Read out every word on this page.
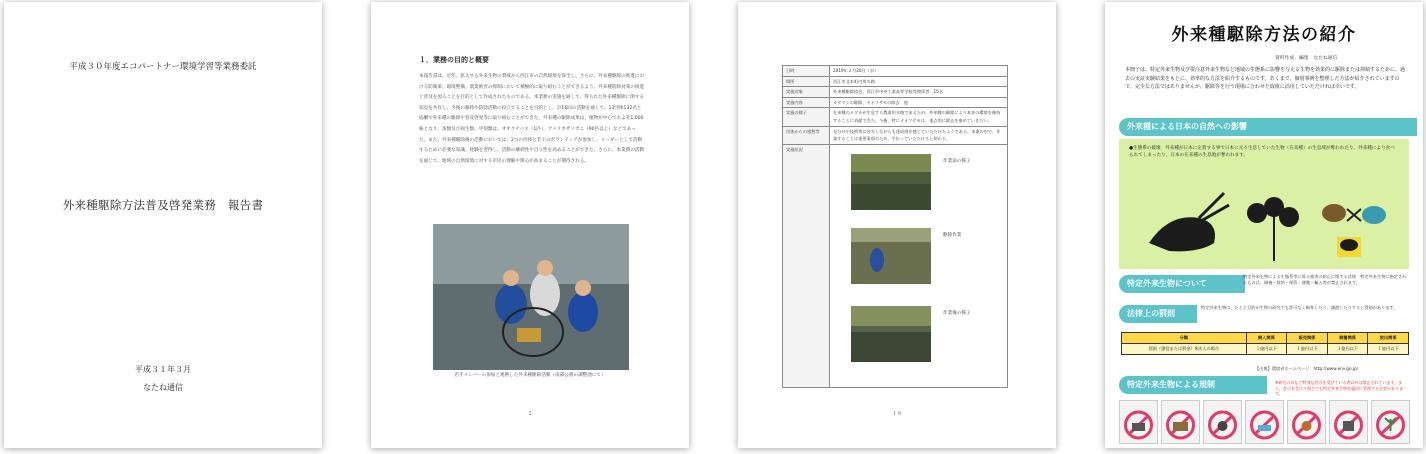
平成３０年度エコパートナー環境学習等業務委託
外来種駆除方法普及啓発業務　報告書
平成３１年３月
なたね通信
１．業務の目的と概要
本報告書は、近年、拡大する外来生物の脅威から西江市の自然環境を保全し、さらに、外来種駆除の推進における防衛策、環境整備、農業被害の抑制において積極的に取り組むことができるよう、外来種防除対策の推進と普及を図ることを目的として作成されたものである。本業務の実施を通して、得られた外来種駆除に関する知見を共有し、今後の駆除や防除活動に役立てることを目的とし、計16回の活動を通して、13団体132名と協働で外来種の駆除や普及啓発等に取り組むことができた。外来種の駆除成果は、植物が中心でおよそ1,600株となり、魚類及び両生類、甲殻類は、オオクチバス（1匹）、アメリカザリガニ（90匹以上）などであった。また、外来種駆除後の活動においては、2つの団体と若干のボランティアが参加し、リーダーとして活動するために必要な知識、経験を習得し、活動の継続性や自立性を高めることができた。さらに、本業務の活動を通じて、地域の自然環境に対する市民の理解や関心が高まることが期待される。
若手メンバーの参加と連携した外来種駆除活動（南部公園の調整池にて）
２
日時	2019年２月20日（水）
場所	西江市北本町内用水路
実施対象	外来種駆除協会、西江市中央工業高等学校等関係者　15名
実施内容	カダヤシの駆除、オオフサモの除去　他
実施の様子	在来種のメダカが生息する農業用水路であるため、外来種の駆除により本来の環境を維持することに貢献できた。今後、特にオオフサモは、重点的に除去を進めていきたい。
団体からの感想等	見分けや技術等に苦労しながらも達成感を感じていただけたようである。本業の中で、作業することは重要事項のため、手伝っていただけると助かる。
実施状況	作業前の様子
駆除作業
作業後の様子
１８
外来種駆除方法の紹介
資料作成、編集　なたね通信
本冊子は、特定外来生物及び要注意外来生物など地域の生態系に影響を与える生物を効果的に駆除または抑制するために、過去の実証実験結果をもとに、効率的な方法を紹介するものです。あくまで、個別事例を整理した方法が紹介されていますので、完全な方法ではありませんが、駆除等を行う現場に合わせた取組に活用していただければ幸いです。
外来種による日本の自然への影響
●生態系の破壊　外来種が日本に定着する事で日本に元々生息していた生物（在来種）の生息域が奪われたり、外来種により食べられてしまったり、日本の在来種の生息地が奪われます。
特定外来生物について
特定外来生物による生態系等に係る被害の防止に関する法律　特定外来生物に指定されたものは、飼養・栽培・保管・運搬・輸入等が禁止されます。
法律上の罰則
特定外来生物は、たとえ目的が生物の研究でも許可なく飼育したり、譲渡したりすると罰則があります。
分類	飼入関係	販売関係	飼養関係	放出関係
罰則（懲役または罰金）※法人の場合	１億円以下	１億円以下	１億円以下	１億円以下
【出典】環境省ホームページ：http://www.env.go.jp/
特定外来生物による規制	※研究の為など特別な許可を受けている者以外は禁止されています。また、許可を受けた場合でも特定外来生物を適切に管理する必要があります。
